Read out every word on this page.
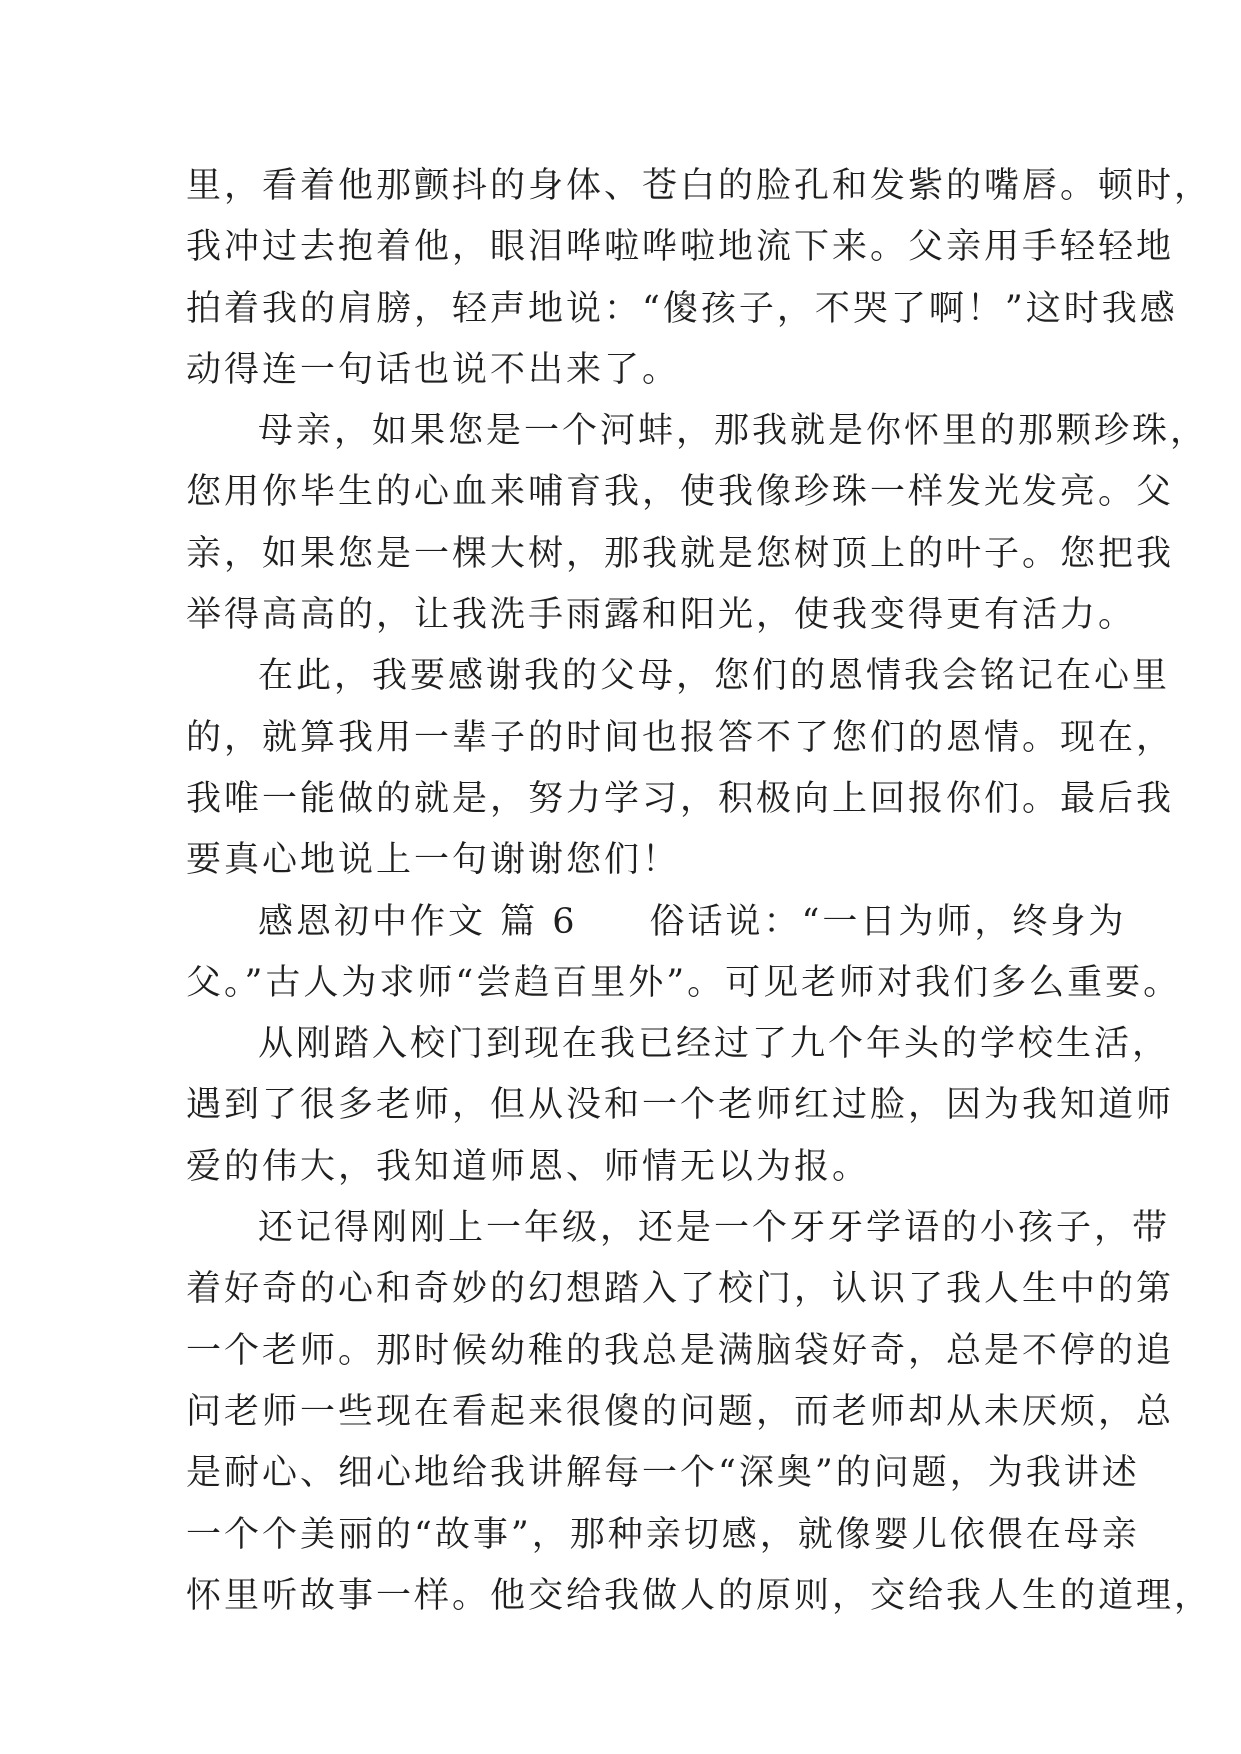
里，看着他那颤抖的身体、苍白的脸孔和发紫的嘴唇。顿时，
我冲过去抱着他，眼泪哗啦哗啦地流下来。父亲用手轻轻地
拍着我的肩膀，轻声地说：“傻孩子，不哭了啊！”这时我感
动得连一句话也说不出来了。
母亲，如果您是一个河蚌，那我就是你怀里的那颗珍珠，
您用你毕生的心血来哺育我，使我像珍珠一样发光发亮。父
亲，如果您是一棵大树，那我就是您树顶上的叶子。您把我
举得高高的，让我洗手雨露和阳光，使我变得更有活力。
在此，我要感谢我的父母，您们的恩情我会铭记在心里
的，就算我用一辈子的时间也报答不了您们的恩情。现在，
我唯一能做的就是，努力学习，积极向上回报你们。最后我
要真心地说上一句谢谢您们！
感恩初中作文 篇 6 俗话说：“一日为师，终身为
父。”古人为求师“尝趋百里外”。可见老师对我们多么重要。
从刚踏入校门到现在我已经过了九个年头的学校生活，
遇到了很多老师，但从没和一个老师红过脸，因为我知道师
爱的伟大，我知道师恩、师情无以为报。
还记得刚刚上一年级，还是一个牙牙学语的小孩子，带
着好奇的心和奇妙的幻想踏入了校门，认识了我人生中的第
一个老师。那时候幼稚的我总是满脑袋好奇，总是不停的追
问老师一些现在看起来很傻的问题，而老师却从未厌烦，总
是耐心、细心地给我讲解每一个“深奥”的问题，为我讲述
一个个美丽的“故事”，那种亲切感，就像婴儿依偎在母亲
怀里听故事一样。他交给我做人的原则，交给我人生的道理，
